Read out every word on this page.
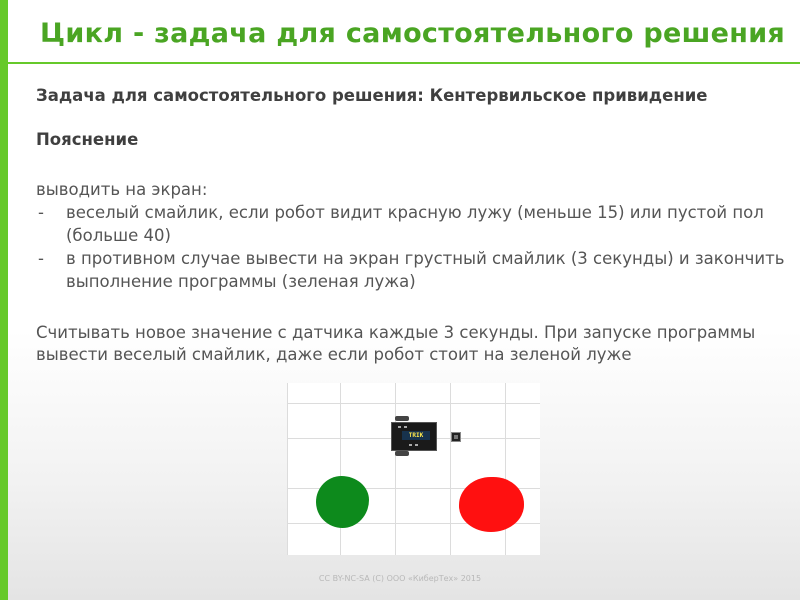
Цикл - задача для самостоятельного решения
Задача для самостоятельного решения: Кентервильское привидение
Пояснение
выводить на экран:
- веселый смайлик, если робот видит красную лужу (меньше 15) или пустой пол (больше 40)
- в противном случае вывести на экран грустный смайлик (3 секунды) и закончить выполнение программы (зеленая лужа)
Считывать новое значение с датчика каждые 3 секунды. При запуске программы вывести веселый смайлик, даже если робот стоит на зеленой луже
TRIK
CC BY-NC-SA (C) ООО «КиберТех» 2015
